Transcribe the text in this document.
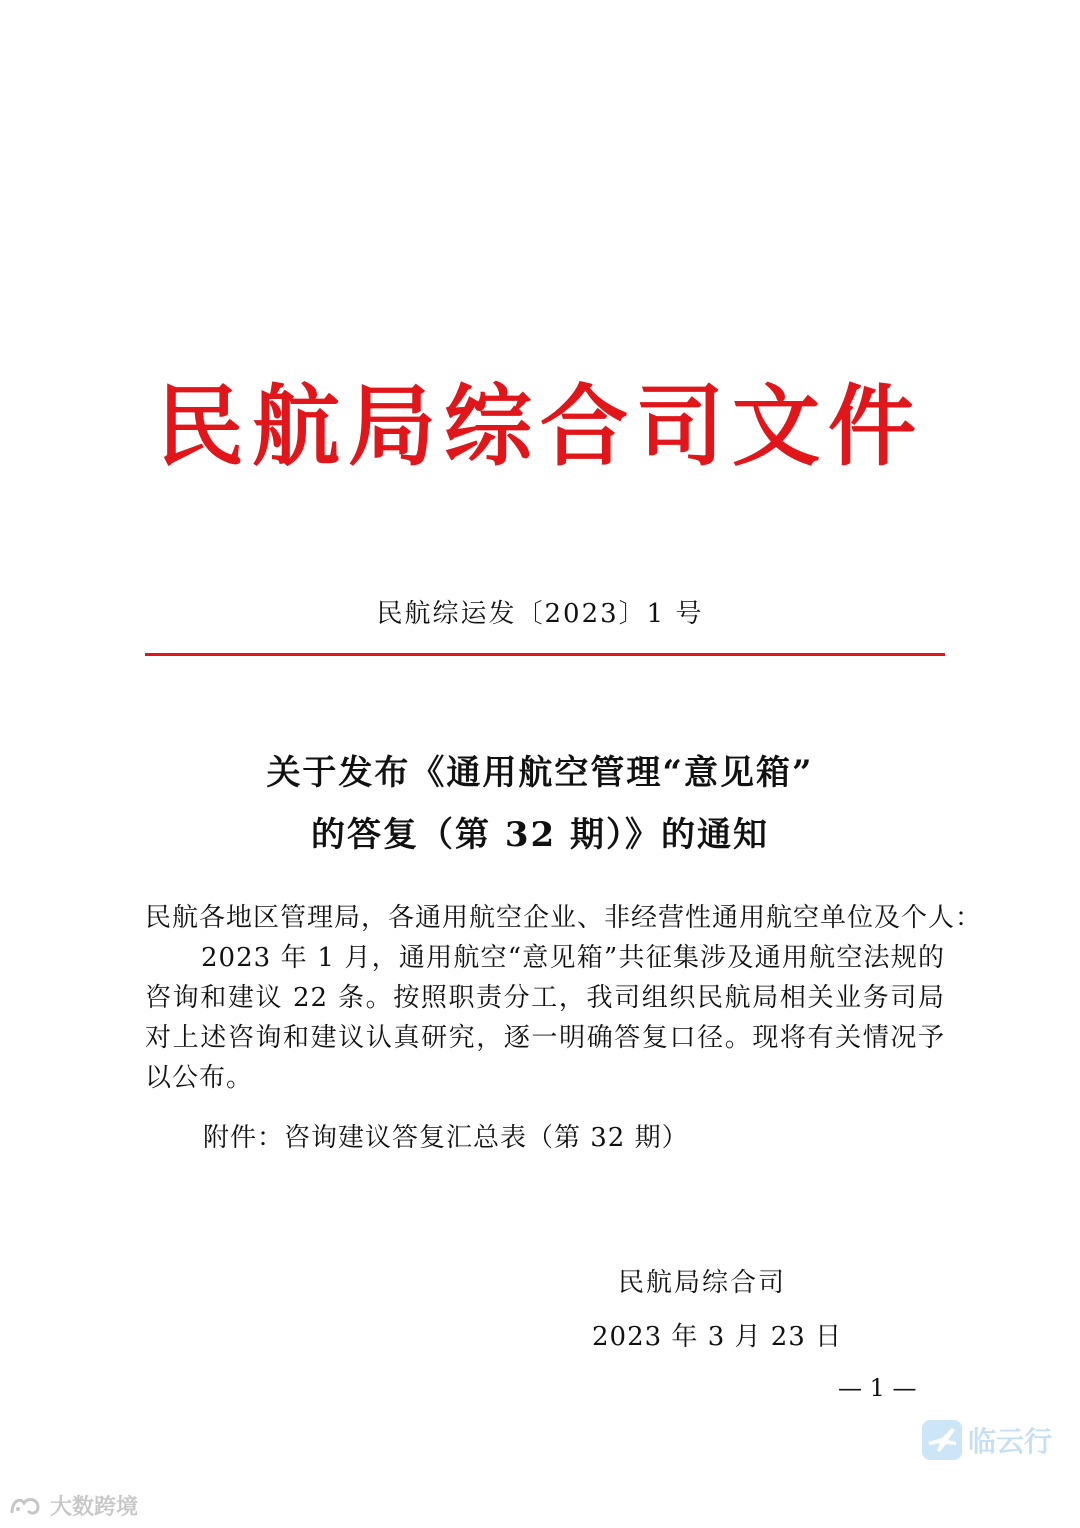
民航局综合司文件
民航综运发〔2023〕1 号
关于发布《通用航空管理“意见箱”
的答复（第 32 期）》的通知
民航各地区管理局，各通用航空企业、非经营性通用航空单位及个人：
2023 年 1 月，通用航空“意见箱”共征集涉及通用航空法规的咨询和建议 22 条。按照职责分工，我司组织民航局相关业务司局对上述咨询和建议认真研究，逐一明确答复口径。现将有关情况予以公布。
附件：咨询建议答复汇总表（第 32 期）
民航局综合司
2023 年 3 月 23 日
— 1 —
临云行
大数跨境
